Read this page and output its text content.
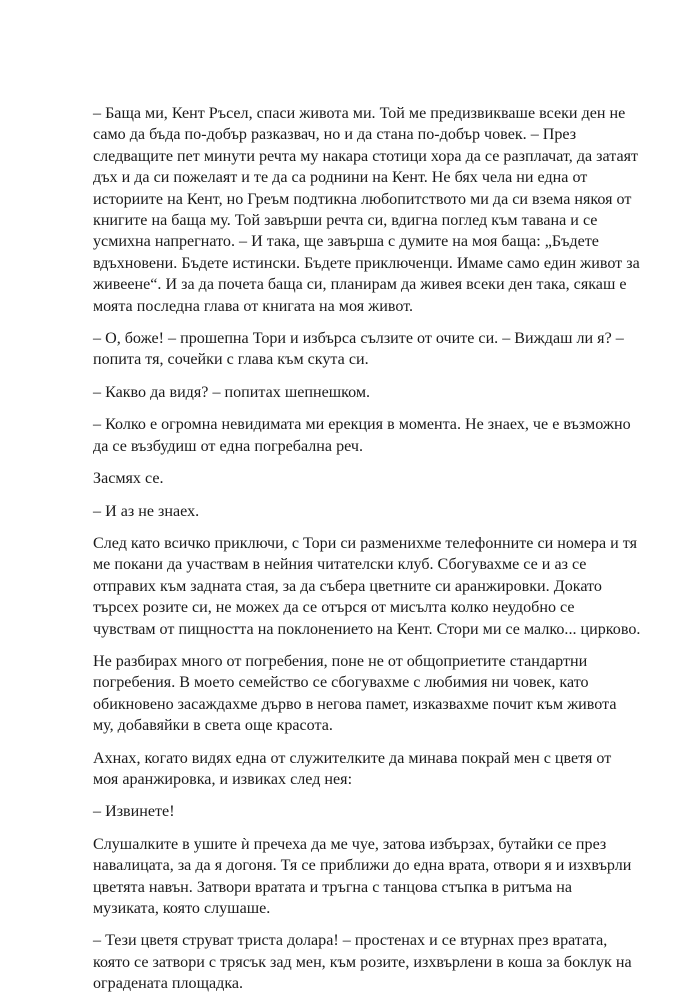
– Баща ми, Кент Ръсел, спаси живота ми. Той ме предизвикваше всеки ден не
само да бъда по-добър разказвач, но и да стана по-добър човек. – През
следващите пет минути речта му накара стотици хора да се разплачат, да затаят
дъх и да си пожелаят и те да са роднини на Кент. Не бях чела ни една от
историите на Кент, но Греъм подтикна любопитството ми да си взема някоя от
книгите на баща му. Той завърши речта си, вдигна поглед към тавана и се
усмихна напрегнато. – И така, ще завърша с думите на моя баща: „Бъдете
вдъхновени. Бъдете истински. Бъдете приключенци. Имаме само един живот за
живеене“. И за да почета баща си, планирам да живея всеки ден така, сякаш е
моята последна глава от книгата на моя живот.

– О, боже! – прошепна Тори и избърса сълзите от очите си. – Виждаш ли я? –
попита тя, сочейки с глава към скута си.

– Какво да видя? – попитах шепнешком.

– Колко е огромна невидимата ми ерекция в момента. Не знаех, че е възможно
да се възбудиш от една погребална реч.

Засмях се.

– И аз не знаех.

След като всичко приключи, с Тори си разменихме телефонните си номера и тя
ме покани да участвам в нейния читателски клуб. Сбогувахме се и аз се
отправих към задната стая, за да събера цветните си аранжировки. Докато
търсех розите си, не можех да се отърся от мисълта колко неудобно се
чувствам от пищността на поклонението на Кент. Стори ми се малко... цирково.

Не разбирах много от погребения, поне не от общоприетите стандартни
погребения. В моето семейство се сбогувахме с любимия ни човек, като
обикновено засаждахме дърво в негова памет, изказвахме почит към живота
му, добавяйки в света още красота.

Ахнах, когато видях една от служителките да минава покрай мен с цветя от
моя аранжировка, и извиках след нея:

– Извинете!

Слушалките в ушите ѝ пречеха да ме чуе, затова избързах, бутайки се през
навалицата, за да я догоня. Тя се приближи до една врата, отвори я и изхвърли
цветята навън. Затвори вратата и тръгна с танцова стъпка в ритъма на
музиката, която слушаше.

– Тези цветя струват триста долара! – простенах и се втурнах през вратата,
която се затвори с трясък зад мен, към розите, изхвърлени в коша за боклук на
оградената площадка.
